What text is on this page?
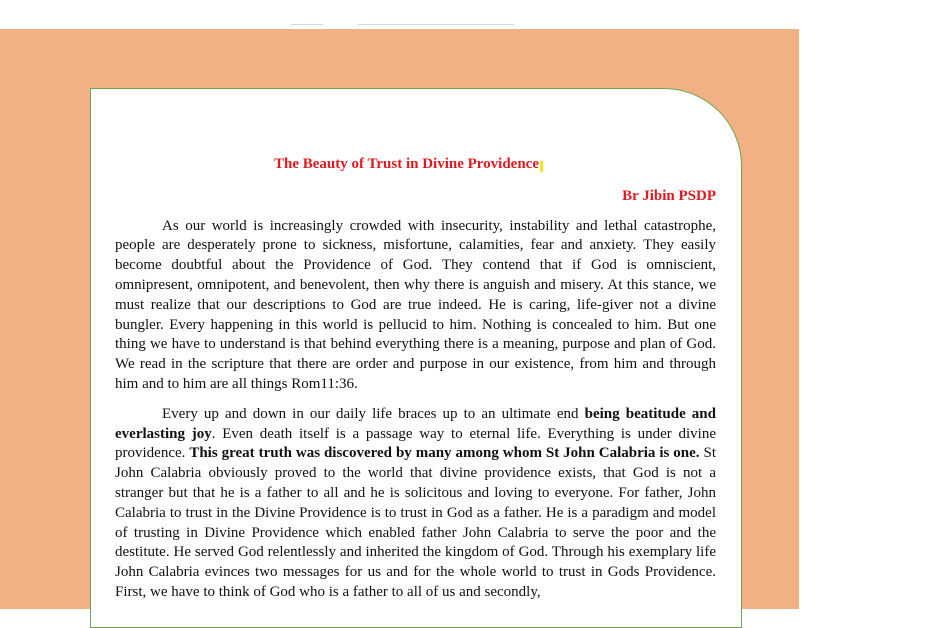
The Beauty of Trust in Divine Providence

Br Jibin PSDP

As our world is increasingly crowded with insecurity, instability and lethal catastrophe, people are desperately prone to sickness, misfortune, calamities, fear and anxiety. They easily become doubtful about the Providence of God. They contend that if God is omniscient, omnipresent, omnipotent, and benevolent, then why there is anguish and misery. At this stance, we must realize that our descriptions to God are true indeed. He is caring, life-giver not a divine bungler. Every happening in this world is pellucid to him. Nothing is concealed to him. But one thing we have to understand is that behind everything there is a meaning, purpose and plan of God. We read in the scripture that there are order and purpose in our existence, from him and through him and to him are all things Rom11:36.

Every up and down in our daily life braces up to an ultimate end being beatitude and everlasting joy. Even death itself is a passage way to eternal life. Everything is under divine providence. This great truth was discovered by many among whom St John Calabria is one. St John Calabria obviously proved to the world that divine providence exists, that God is not a stranger but that he is a father to all and he is solicitous and loving to everyone. For father, John Calabria to trust in the Divine Providence is to trust in God as a father. He is a paradigm and model of trusting in Divine Providence which enabled father John Calabria to serve the poor and the destitute. He served God relentlessly and inherited the kingdom of God. Through his exemplary life John Calabria evinces two messages for us and for the whole world to trust in Gods Providence. First, we have to think of God who is a father to all of us and secondly,
